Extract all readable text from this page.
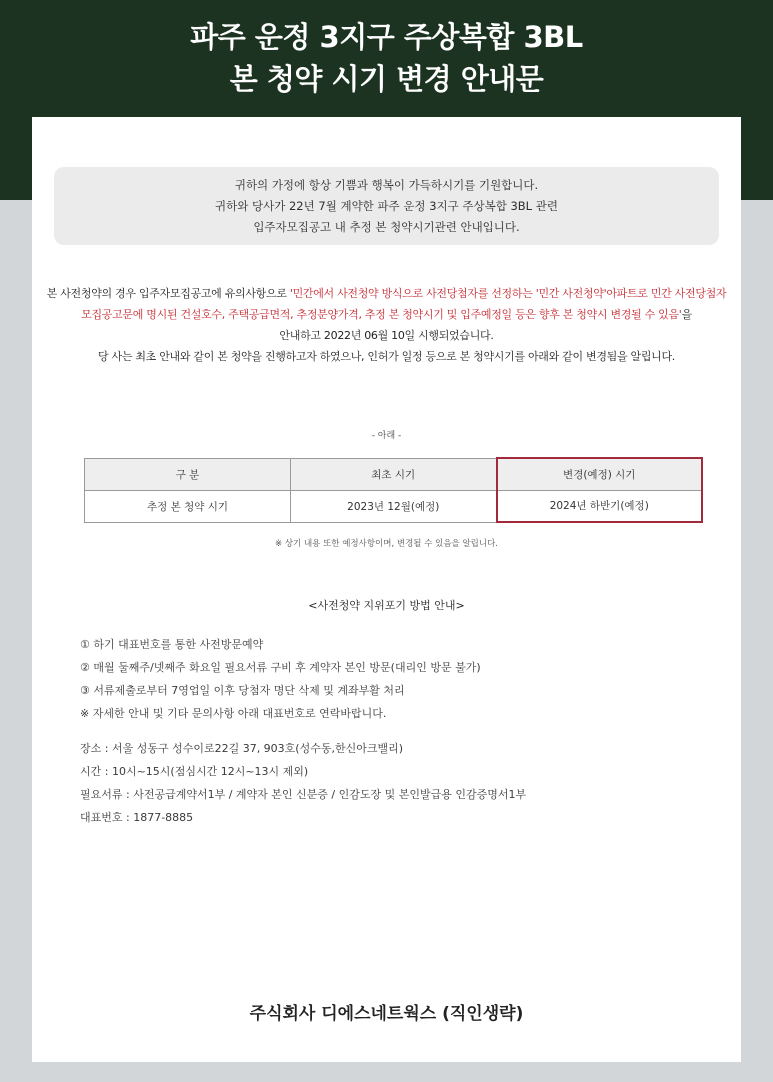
파주 운정 3지구 주상복합 3BL
본 청약 시기 변경 안내문
귀하의 가정에 항상 기쁨과 행복이 가득하시기를 기원합니다.
귀하와 당사가 22년 7월 계약한 파주 운정 3지구 주상복합 3BL 관련
입주자모집공고 내 추정 본 청약시기관련 안내입니다.
본 사전청약의 경우 입주자모집공고에 유의사항으로 '민간에서 사전청약 방식으로 사전당첨자를 선정하는 '민간 사전청약'아파트로 민간 사전당첨자
모집공고문에 명시된 건설호수, 주택공급면적, 추정분양가격, 추정 본 청약시기 및 입주예정일 등은 향후 본 청약시 변경될 수 있음'을
안내하고 2022년 06월 10일 시행되었습니다.
당 사는 최초 안내와 같이 본 청약을 진행하고자 하였으나, 인허가 일정 등으로 본 청약시기를 아래와 같이 변경됨을 알립니다.
- 아래 -
구 분	최초 시기	변경(예정) 시기
추정 본 청약 시기	2023년 12월(예정)	2024년 하반기(예정)
※ 상기 내용 또한 예정사항이며, 변경될 수 있음을 알립니다.
<사전청약 지위포기 방법 안내>
① 하기 대표번호를 통한 사전방문예약
② 매월 둘째주/넷째주 화요일 필요서류 구비 후 계약자 본인 방문(대리인 방문 불가)
③ 서류제출로부터 7영업일 이후 당첨자 명단 삭제 및 계좌부활 처리
※ 자세한 안내 및 기타 문의사항 아래 대표번호로 연락바랍니다.
장소 : 서울 성동구 성수이로22길 37, 903호(성수동,한신아크밸리)
시간 : 10시~15시(점심시간 12시~13시 제외)
필요서류 : 사전공급계약서1부 / 계약자 본인 신분증 / 인감도장 및 본인발급용 인감증명서1부
대표번호 : 1877-8885
주식회사 디에스네트웍스 (직인생략)
